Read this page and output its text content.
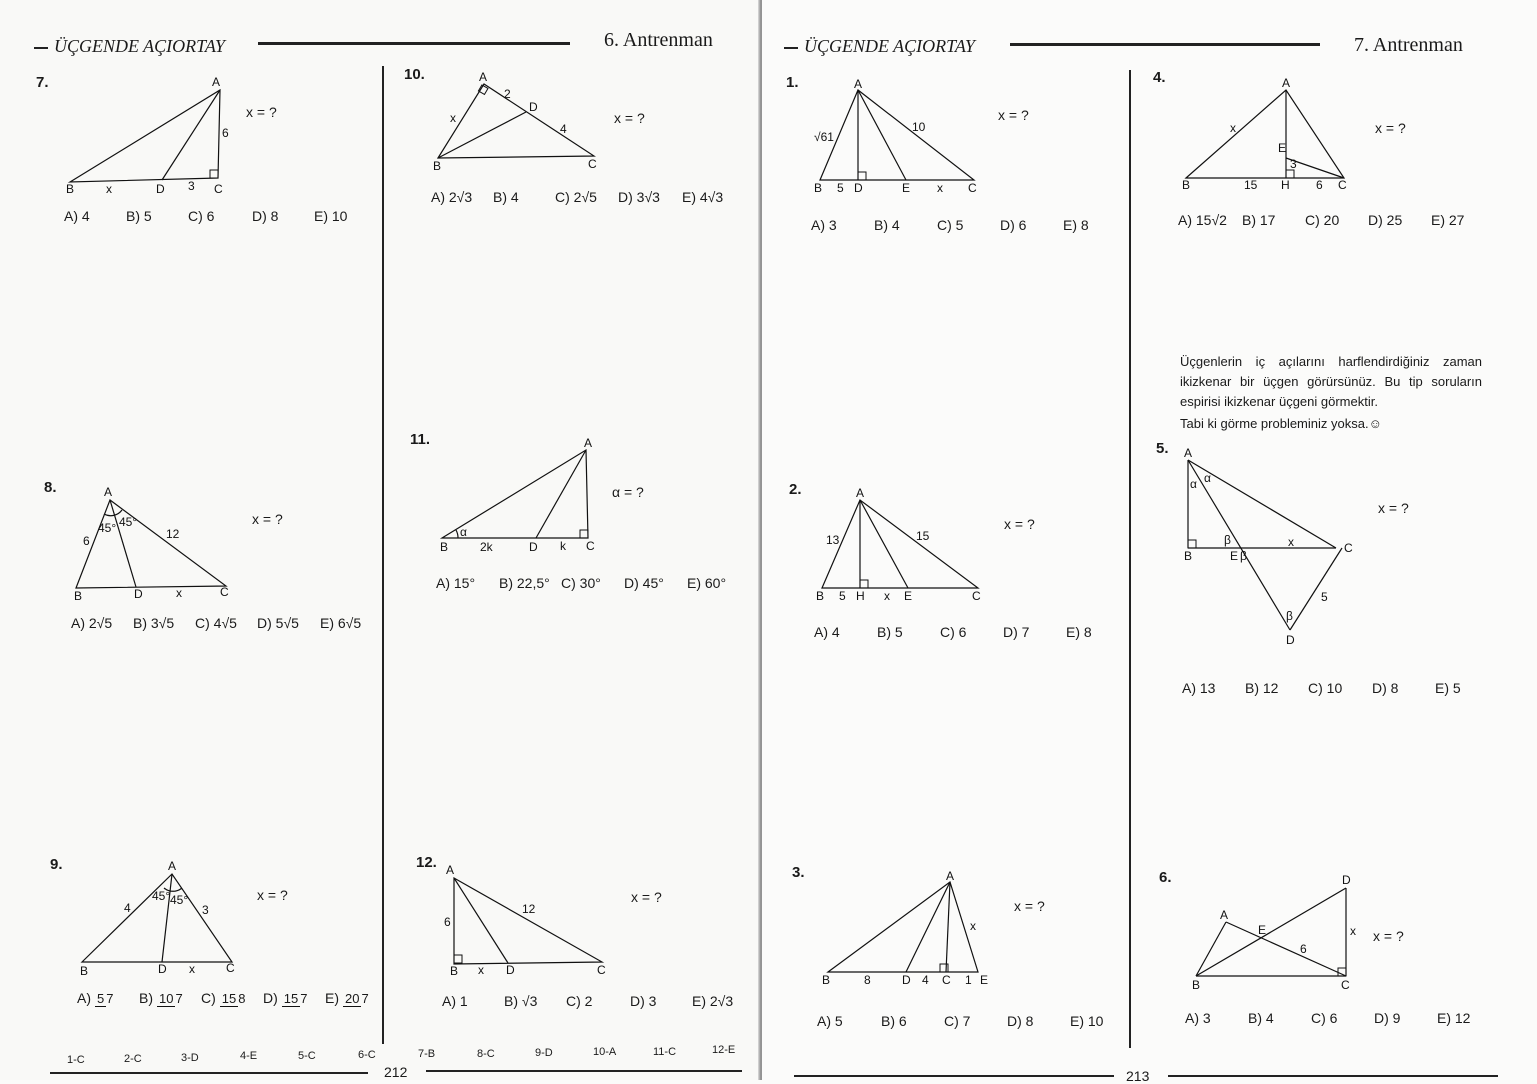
ÜÇGENDE AÇIORTAY	6. Antrenman
7.	A
B	D	C
x	3
6
x = ?
A) 4	B) 5	C) 6	D) 8	E) 10
10.	A
B	C
D
x
2
4
x = ?
A) 2√3	B) 4	C) 2√5	D) 3√3	E) 4√3
8.	A
B	D	C
6	12
x
45° 45°	x = ?
A) 2√5	B) 3√5	C) 4√5	D) 5√5	E) 6√5
11.	A
B	D	C
α
2k	k
α = ?
A) 15°	B) 22,5° C) 30°	D) 45°	E) 60°
9.	A
B	D	C
4	3
x
45° 45°	x = ?
A) 5 7	B) 10 7	C) 15 8	D) 15 7	E) 20 7
12. A
B	D	C
6
12
x
x = ?
A) 1	B) √3	C) 2	D) 3	E) 2√3
1-C	2-C	3-D	4-E	5-C	6-C	7-B	8-C	9-D	10-A	11-C	12-E
212
ÜÇGENDE AÇIORTAY	7. Antrenman
1.	A
B	D	E	C
√61
10
5	x
x = ?
A) 3	B) 4	C) 5	D) 6	E) 8
4.	A
B	H	C
E
x
15	6
3
x = ?
A) 15√2	B) 17	C) 20	D) 25	E) 27
Üçgenlerin iç açılarını harflendirdiğiniz zaman ikizkenar bir üçgen görürsünüz. Bu tip soruların espirisi ikizkenar üçgeni görmektir.
Tabi ki görme probleminiz yoksa.☺
2.	A
B	H	E	C
13	15
5	x
x = ?
A) 4	B) 5	C) 6	D) 7	E) 8
5. A
B	E
C
D
α α
β
β
β
x
5
x = ?
A) 13	B) 12	C) 10	D) 8	E) 5
3.	A
B	D	C E
8	4	1
x
x = ?
A) 5	B) 6	C) 7	D) 8	E) 10
6.
A
B	C
D
E
6
x x = ?
A) 3	B) 4	C) 6	D) 9	E) 12
213
